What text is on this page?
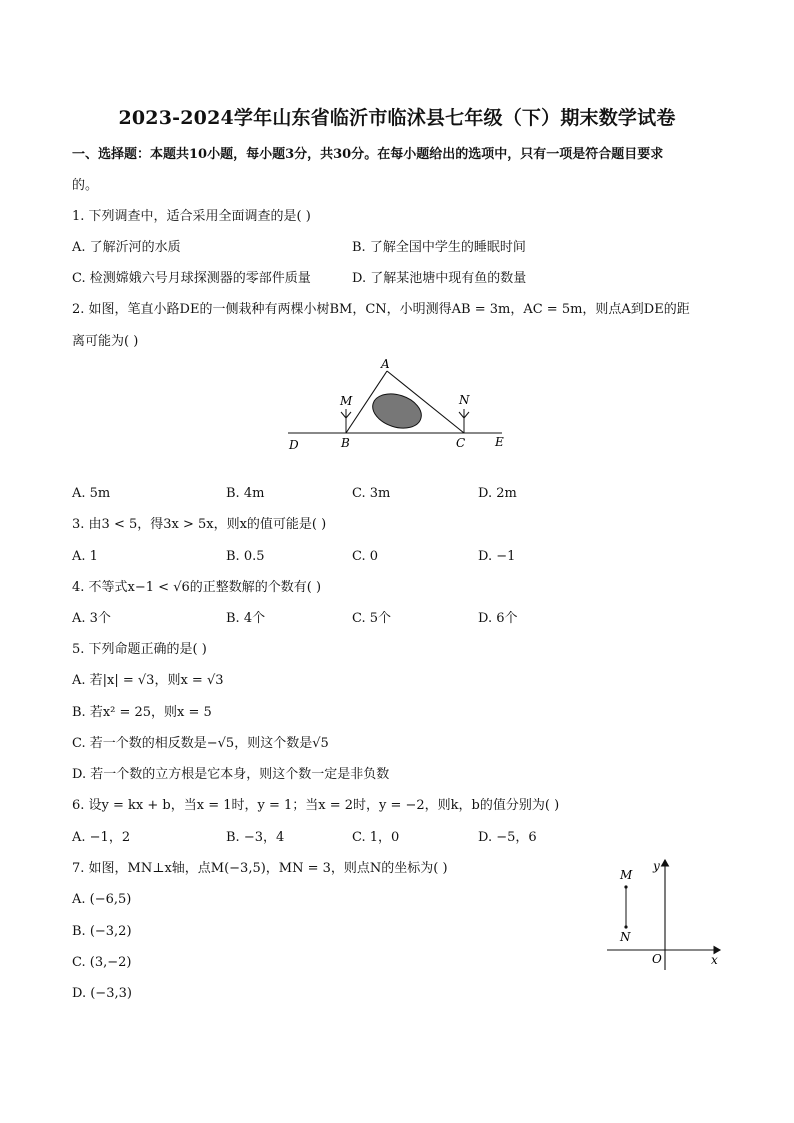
2023-2024学年山东省临沂市临沭县七年级（下）期末数学试卷
一、选择题：本题共10小题，每小题3分，共30分。在每小题给出的选项中，只有一项是符合题目要求
的。
1. 下列调查中，适合采用全面调查的是( )
A. 了解沂河的水质	B. 了解全国中学生的睡眠时间
C. 检测嫦娥六号月球探测器的零部件质量	D. 了解某池塘中现有鱼的数量
2. 如图，笔直小路DE的一侧栽种有两棵小树BM，CN，小明测得AB = 3m，AC = 5m，则点A到DE的距
离可能为( )
A
M	N
D	B	C E
A. 5m	B. 4m	C. 3m	D. 2m
3. 由3 < 5，得3x > 5x，则x的值可能是( )
A. 1	B. 0.5	C. 0	D. −1
4. 不等式x−1 < √6的正整数解的个数有( )
A. 3个	B. 4个	C. 5个	D. 6个
5. 下列命题正确的是( )
A. 若|x| = √3，则x = √3
B. 若x² = 25，则x = 5
C. 若一个数的相反数是−√5，则这个数是√5
D. 若一个数的立方根是它本身，则这个数一定是非负数
6. 设y = kx + b，当x = 1时，y = 1；当x = 2时，y = −2，则k，b的值分别为( )
A. −1，2	B. −3，4	C. 1，0	D. −5，6
7. 如图，MN⊥x轴，点M(−3,5)，MN = 3，则点N的坐标为( )
A. (−6,5)
B. (−3,2)
C. (3,−2)
D. (−3,3)
M
N
O	x
y
